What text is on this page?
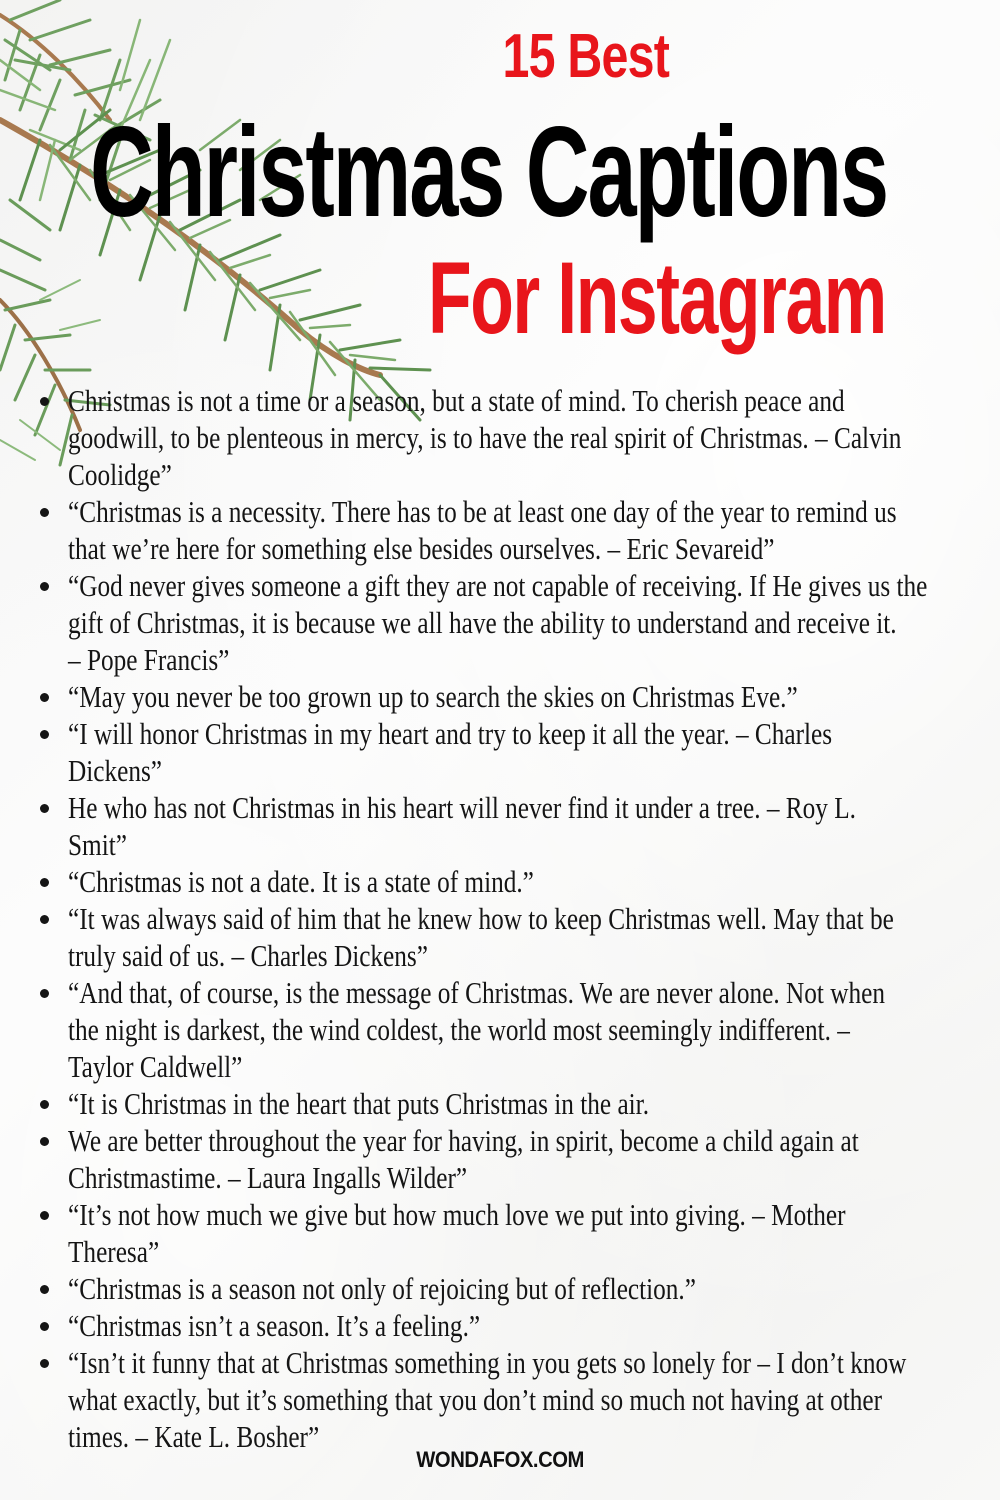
15 Best
Christmas Captions
For Instagram
Christmas is not a time or a season, but a state of mind. To cherish peace and
goodwill, to be plenteous in mercy, is to have the real spirit of Christmas. – Calvin
Coolidge”
“Christmas is a necessity. There has to be at least one day of the year to remind us
that we’re here for something else besides ourselves. – Eric Sevareid”
“God never gives someone a gift they are not capable of receiving. If He gives us the
gift of Christmas, it is because we all have the ability to understand and receive it.
– Pope Francis”
“May you never be too grown up to search the skies on Christmas Eve.”
“I will honor Christmas in my heart and try to keep it all the year. – Charles
Dickens”
He who has not Christmas in his heart will never find it under a tree. – Roy L.
Smit”
“Christmas is not a date. It is a state of mind.”
“It was always said of him that he knew how to keep Christmas well. May that be
truly said of us. – Charles Dickens”
“And that, of course, is the message of Christmas. We are never alone. Not when
the night is darkest, the wind coldest, the world most seemingly indifferent. –
Taylor Caldwell”
“It is Christmas in the heart that puts Christmas in the air.
We are better throughout the year for having, in spirit, become a child again at
Christmastime. – Laura Ingalls Wilder”
“It’s not how much we give but how much love we put into giving. – Mother
Theresa”
“Christmas is a season not only of rejoicing but of reflection.”
“Christmas isn’t a season. It’s a feeling.”
“Isn’t it funny that at Christmas something in you gets so lonely for – I don’t know
what exactly, but it’s something that you don’t mind so much not having at other
times. – Kate L. Bosher”
WONDAFOX.COM
